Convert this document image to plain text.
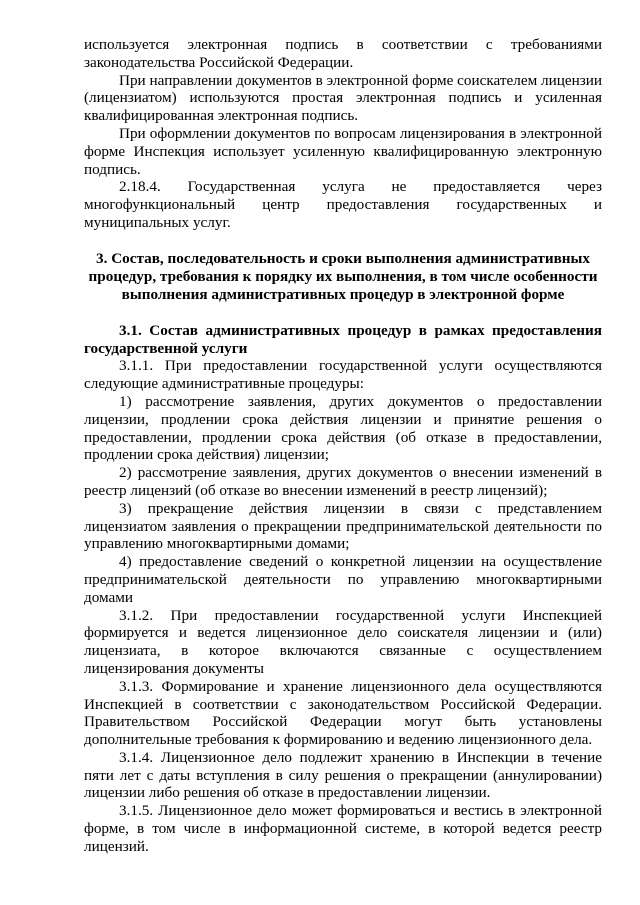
используется электронная подпись в соответствии с требованиями законодательства Российской Федерации.

При направлении документов в электронной форме соискателем лицензии (лицензиатом) используются простая электронная подпись и усиленная квалифицированная электронная подпись.

При оформлении документов по вопросам лицензирования в электронной форме Инспекция использует усиленную квалифицированную электронную подпись.

2.18.4. Государственная услуга не предоставляется через многофункциональный центр предоставления государственных и муниципальных услуг.

3. Состав, последовательность и сроки выполнения административных процедур, требования к порядку их выполнения, в том числе особенности выполнения административных процедур в электронной форме

3.1. Состав административных процедур в рамках предоставления государственной услуги

3.1.1. При предоставлении государственной услуги осуществляются следующие административные процедуры:

1) рассмотрение заявления, других документов о предоставлении лицензии, продлении срока действия лицензии и принятие решения о предоставлении, продлении срока действия (об отказе в предоставлении, продлении срока действия) лицензии;

2) рассмотрение заявления, других документов о внесении изменений в реестр лицензий (об отказе во внесении изменений в реестр лицензий);

3) прекращение действия лицензии в связи с представлением лицензиатом заявления о прекращении предпринимательской деятельности по управлению многоквартирными домами;

4) предоставление сведений о конкретной лицензии на осуществление предпринимательской деятельности по управлению многоквартирными домами

3.1.2. При предоставлении государственной услуги Инспекцией формируется и ведется лицензионное дело соискателя лицензии и (или) лицензиата, в которое включаются связанные с осуществлением лицензирования документы

3.1.3. Формирование и хранение лицензионного дела осуществляются Инспекцией в соответствии с законодательством Российской Федерации. Правительством Российской Федерации могут быть установлены дополнительные требования к формированию и ведению лицензионного дела.

3.1.4. Лицензионное дело подлежит хранению в Инспекции в течение пяти лет с даты вступления в силу решения о прекращении (аннулировании) лицензии либо решения об отказе в предоставлении лицензии.

3.1.5. Лицензионное дело может формироваться и вестись в электронной форме, в том числе в информационной системе, в которой ведется реестр лицензий.
